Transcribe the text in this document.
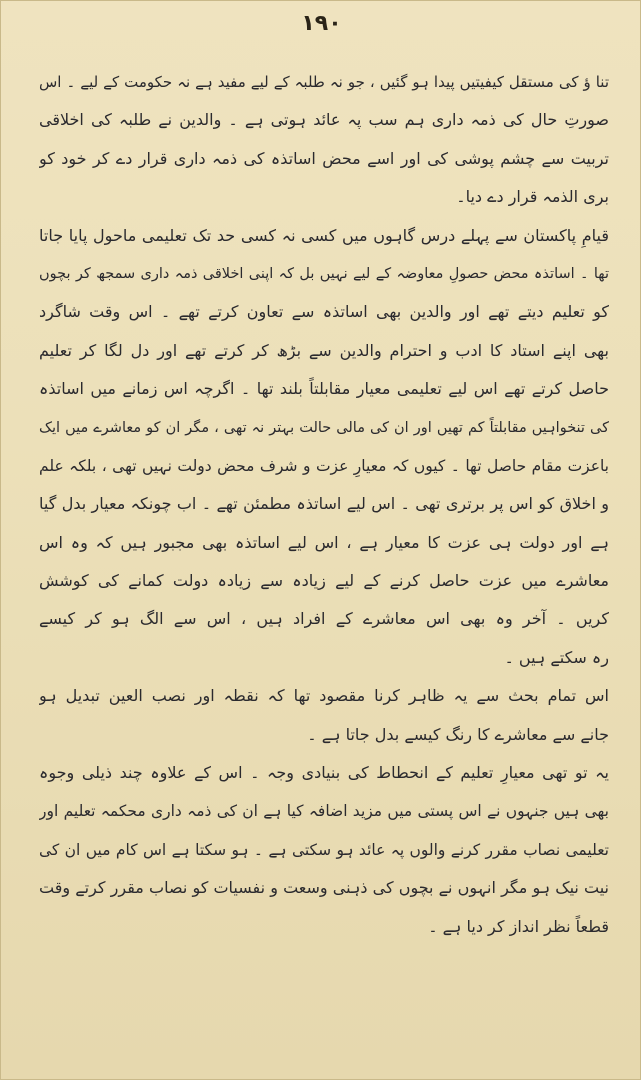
۱۹۰
تنا ؤ کی مستقل کیفیتیں پیدا ہو گئیں ، جو نہ طلبہ کے لیے مفید ہے نہ حکومت کے لیے ۔ اس
صورتِ حال کی ذمہ داری ہم سب پہ عائد ہوتی ہے ۔ والدین نے طلبہ کی اخلاقی
تربیت سے چشم پوشی کی اور اسے محض اساتذہ کی ذمہ داری قرار دے کر خود کو
بری الذمہ قرار دے دیا۔
قیامِ پاکستان سے پہلے درس گاہوں میں کسی نہ کسی حد تک تعلیمی ماحول پایا جاتا
تھا ۔ اساتذہ محض حصولِ معاوضہ کے لیے نہیں بل کہ اپنی اخلاقی ذمہ داری سمجھ کر بچوں
کو تعلیم دیتے تھے اور والدین بھی اساتذہ سے تعاون کرتے تھے ۔ اس وقت شاگرد
بھی اپنے استاد کا ادب و احترام والدین سے بڑھ کر کرتے تھے اور دل لگا کر تعلیم
حاصل کرتے تھے اس لیے تعلیمی معیار مقابلتاً بلند تھا ۔ اگرچہ اس زمانے میں اساتذہ
کی تنخواہیں مقابلتاً کم تھیں اور ان کی مالی حالت بہتر نہ تھی ، مگر ان کو معاشرے میں ایک
باعزت مقام حاصل تھا ۔ کیوں کہ معیارِ عزت و شرف محض دولت نہیں تھی ، بلکہ علم
و اخلاق کو اس پر برتری تھی ۔ اس لیے اساتذہ مطمئن تھے ۔ اب چونکہ معیار بدل گیا
ہے اور دولت ہی عزت کا معیار ہے ، اس لیے اساتذہ بھی مجبور ہیں کہ وہ اس
معاشرے میں عزت حاصل کرنے کے لیے زیادہ سے زیادہ دولت کمانے کی کوشش
کریں ۔ آخر وہ بھی اس معاشرے کے افراد ہیں ، اس سے الگ ہو کر کیسے
رہ سکتے ہیں ۔
اس تمام بحث سے یہ ظاہر کرنا مقصود تھا کہ نقطہ اور نصب العین تبدیل ہو
جانے سے معاشرے کا رنگ کیسے بدل جاتا ہے ۔
یہ تو تھی معیارِ تعلیم کے انحطاط کی بنیادی وجہ ۔ اس کے علاوہ چند ذیلی وجوہ
بھی ہیں جنہوں نے اس پستی میں مزید اضافہ کیا ہے ان کی ذمہ داری محکمہ تعلیم اور
تعلیمی نصاب مقرر کرنے والوں پہ عائد ہو سکتی ہے ۔ ہو سکتا ہے اس کام میں ان کی
نیت نیک ہو مگر انہوں نے بچوں کی ذہنی وسعت و نفسیات کو نصاب مقرر کرتے وقت
قطعاً نظر انداز کر دیا ہے ۔
